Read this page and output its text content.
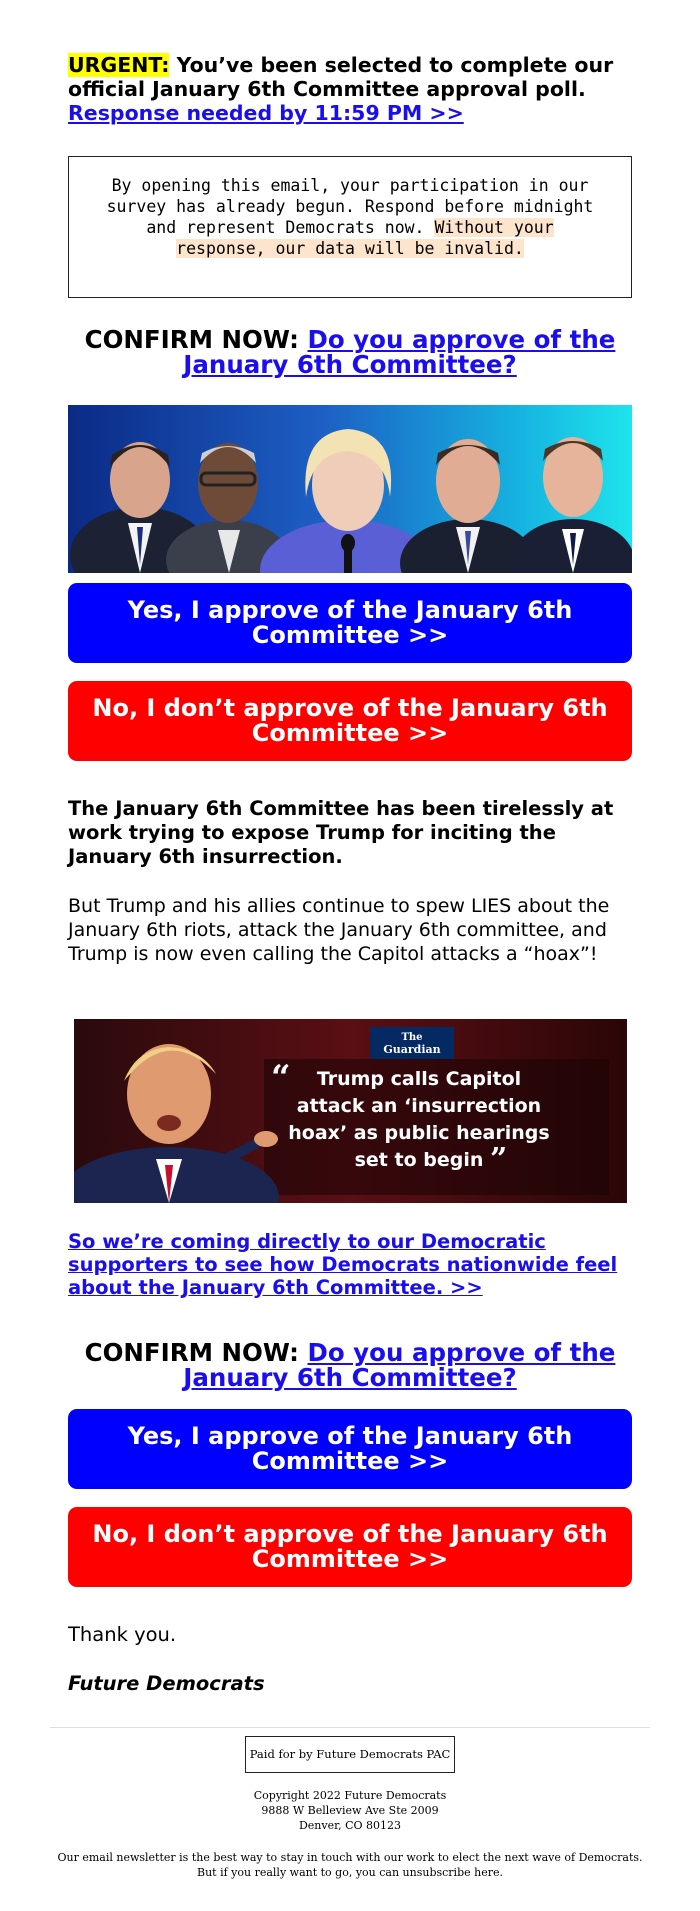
URGENT: You’ve been selected to complete our official January 6th Committee approval poll. Response needed by 11:59 PM >>
By opening this email, your participation in our survey has already begun. Respond before midnight and represent Democrats now. Without your response, our data will be invalid.
CONFIRM NOW: Do you approve of the January 6th Committee?
Yes, I approve of the January 6th Committee >>
No, I don’t approve of the January 6th Committee >>
The January 6th Committee has been tirelessly at work trying to expose Trump for inciting the January 6th insurrection.
But Trump and his allies continue to spew LIES about the January 6th riots, attack the January 6th committee, and Trump is now even calling the Capitol attacks a “hoax”!
The
Guardian
“ Trump calls Capitol
attack an ‘insurrection
hoax’ as public hearings
set to begin ”
So we’re coming directly to our Democratic supporters to see how Democrats nationwide feel about the January 6th Committee. >>
CONFIRM NOW: Do you approve of the January 6th Committee?
Yes, I approve of the January 6th Committee >>
No, I don’t approve of the January 6th Committee >>
Thank you.
Future Democrats
Paid for by Future Democrats PAC
Copyright 2022 Future Democrats
9888 W Belleview Ave Ste 2009
Denver, CO 80123
Our email newsletter is the best way to stay in touch with our work to elect the next wave of Democrats.
But if you really want to go, you can unsubscribe here.
